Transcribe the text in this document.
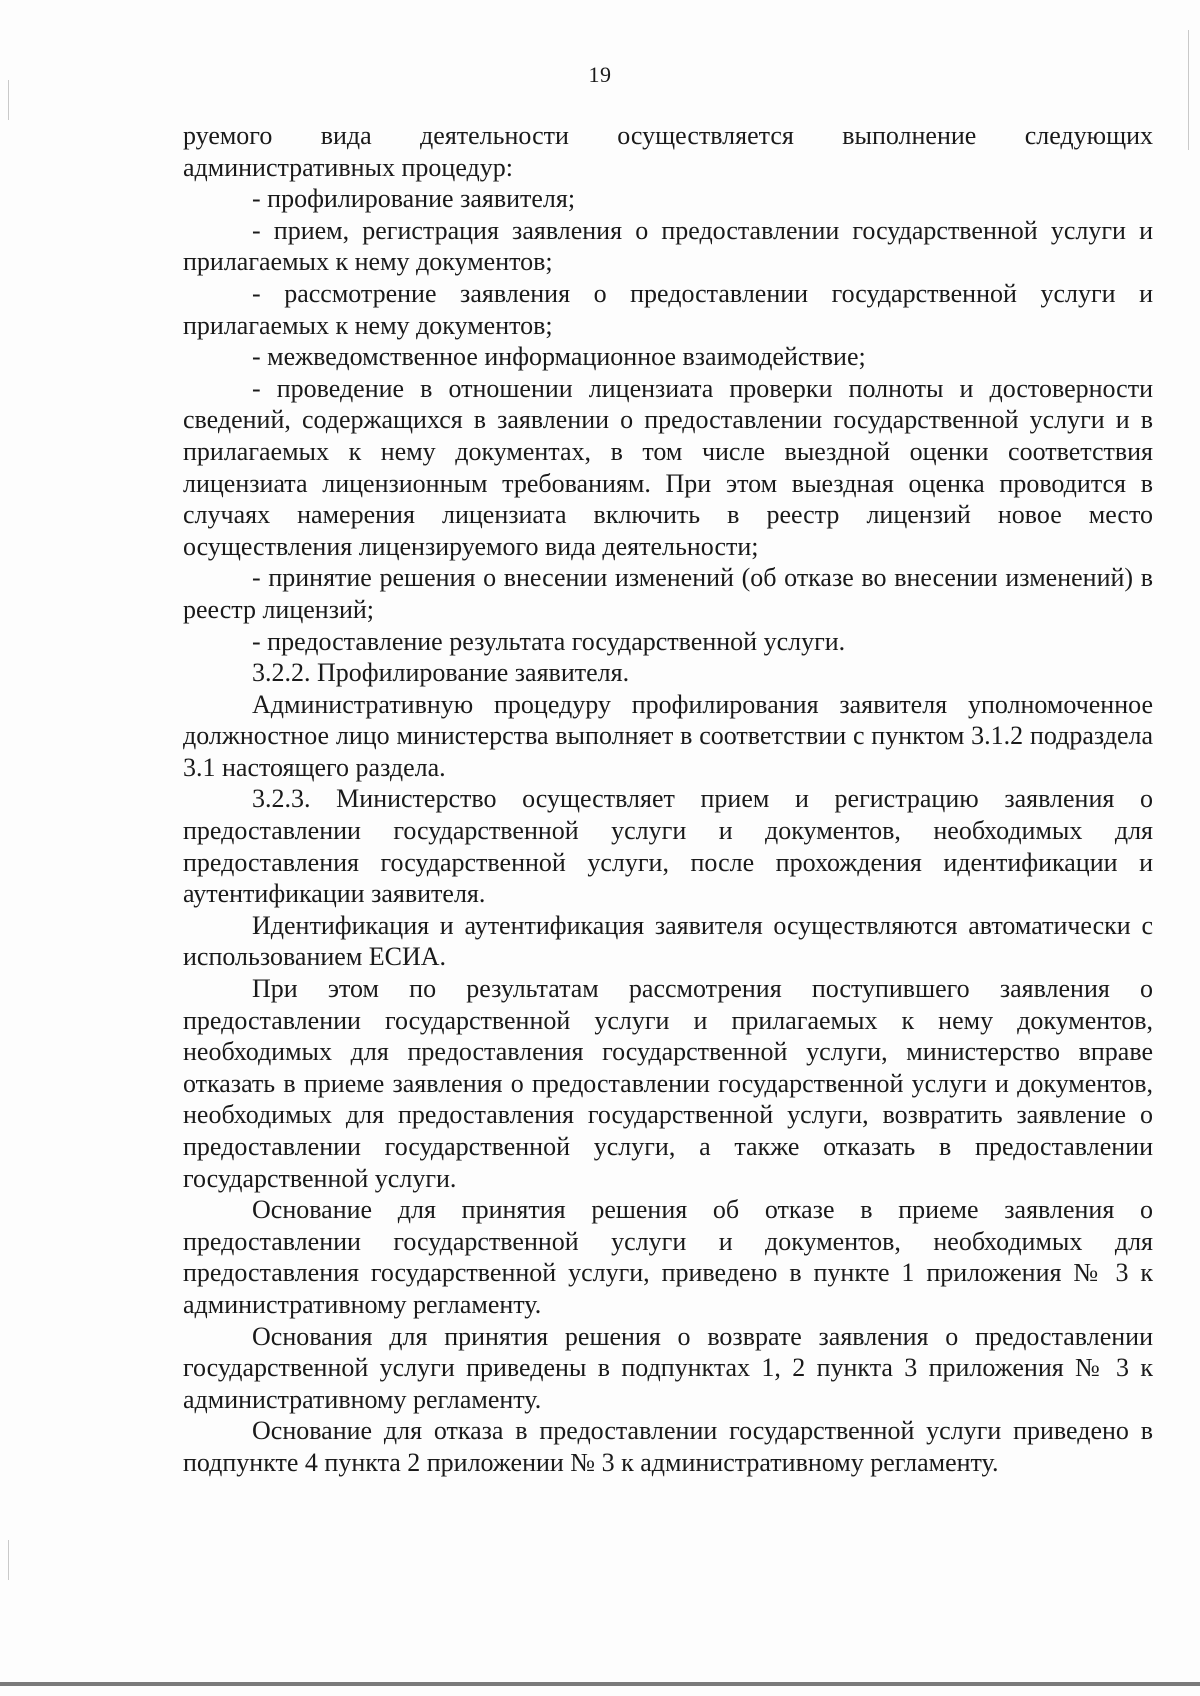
19

руемого вида деятельности осуществляется выполнение следующих административных процедур:

- профилирование заявителя;

- прием, регистрация заявления о предоставлении государственной услуги и прилагаемых к нему документов;

- рассмотрение заявления о предоставлении государственной услуги и прилагаемых к нему документов;

- межведомственное информационное взаимодействие;

- проведение в отношении лицензиата проверки полноты и достоверности сведений, содержащихся в заявлении о предоставлении государственной услуги и в прилагаемых к нему документах, в том числе выездной оценки соответствия лицензиата лицензионным требованиям. При этом выездная оценка проводится в случаях намерения лицензиата включить в реестр лицензий новое место осуществления лицензируемого вида деятельности;

- принятие решения о внесении изменений (об отказе во внесении изменений) в реестр лицензий;

- предоставление результата государственной услуги.

3.2.2. Профилирование заявителя.

Административную процедуру профилирования заявителя уполномоченное должностное лицо министерства выполняет в соответствии с пунктом 3.1.2 подраздела 3.1 настоящего раздела.

3.2.3. Министерство осуществляет прием и регистрацию заявления о предоставлении государственной услуги и документов, необходимых для предоставления государственной услуги, после прохождения идентификации и аутентификации заявителя.

Идентификация и аутентификация заявителя осуществляются автоматически с использованием ЕСИА.

При этом по результатам рассмотрения поступившего заявления о предоставлении государственной услуги и прилагаемых к нему документов, необходимых для предоставления государственной услуги, министерство вправе отказать в приеме заявления о предоставлении государственной услуги и документов, необходимых для предоставления государственной услуги, возвратить заявление о предоставлении государственной услуги, а также отказать в предоставлении государственной услуги.

Основание для принятия решения об отказе в приеме заявления о предоставлении государственной услуги и документов, необходимых для предоставления государственной услуги, приведено в пункте 1 приложения № 3 к административному регламенту.

Основания для принятия решения о возврате заявления о предоставлении государственной услуги приведены в подпунктах 1, 2 пункта 3 приложения № 3 к административному регламенту.

Основание для отказа в предоставлении государственной услуги приведено в подпункте 4 пункта 2 приложении № 3 к административному регламенту.
